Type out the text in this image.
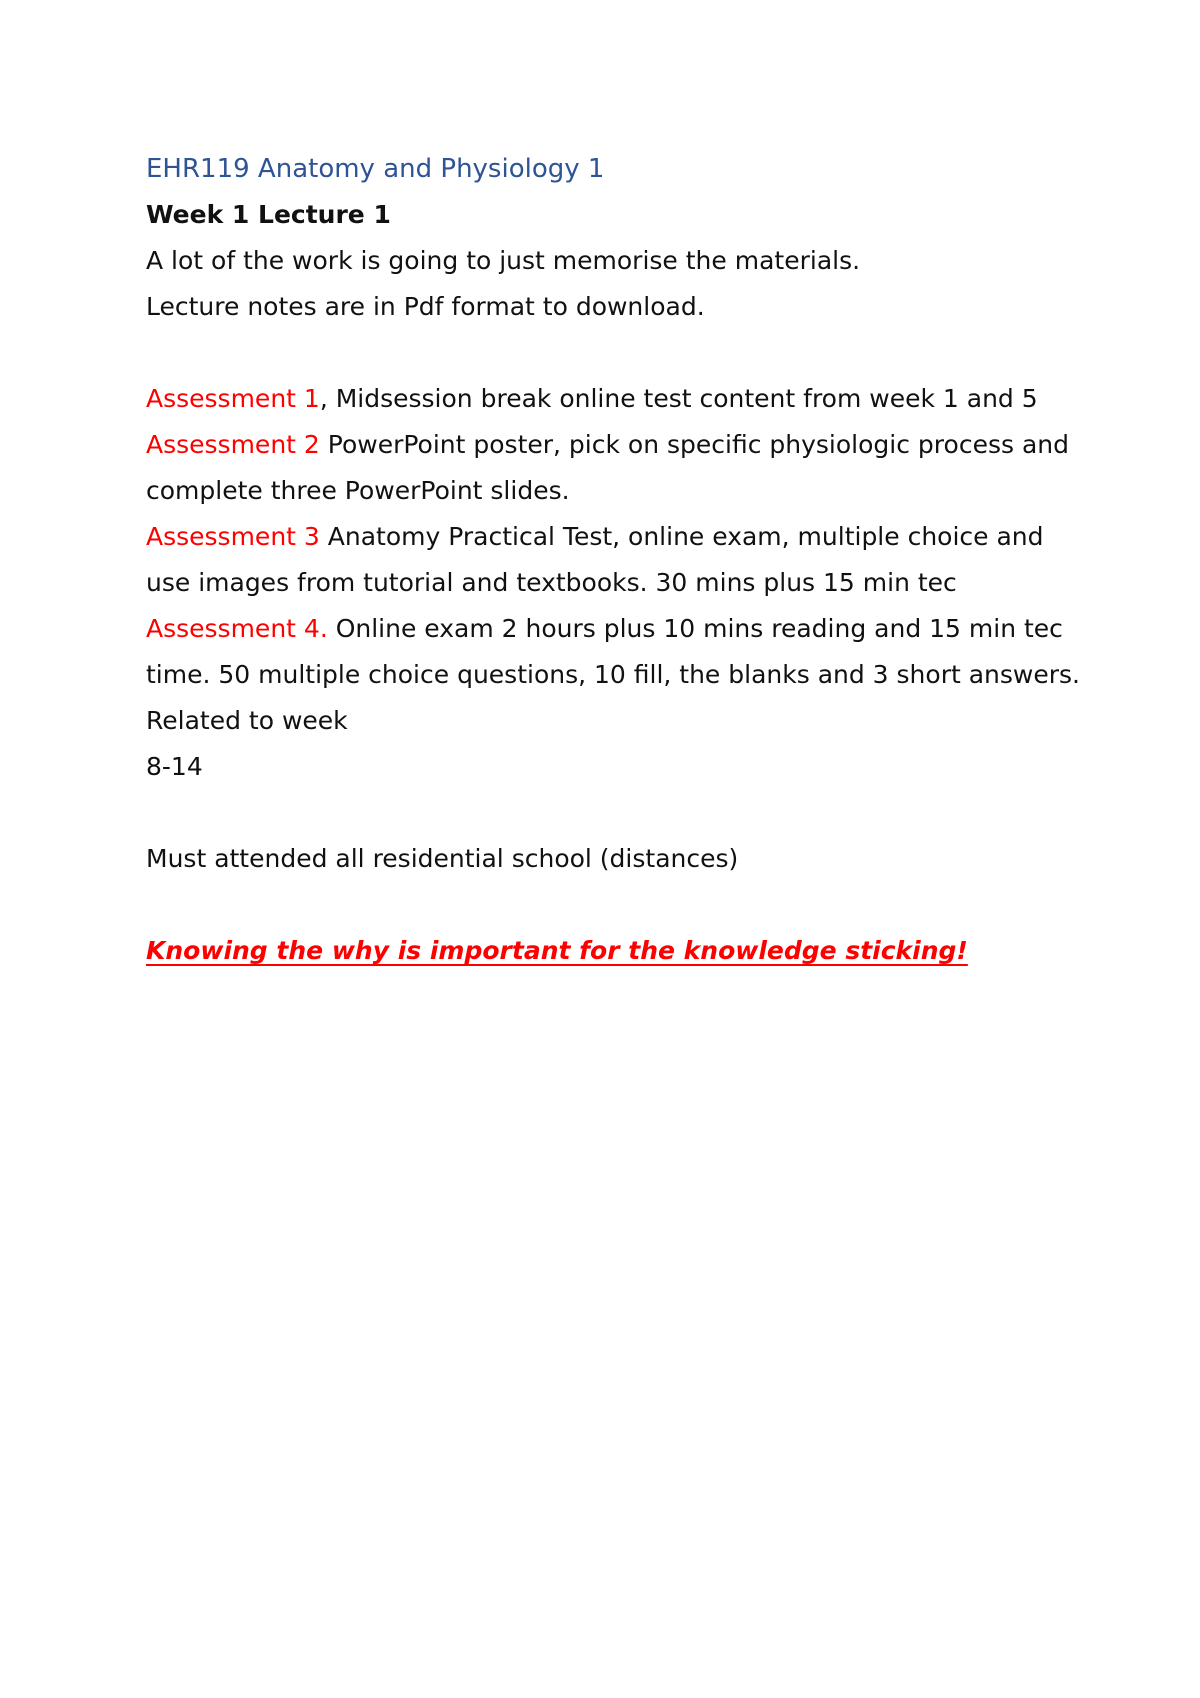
EHR119 Anatomy and Physiology 1
Week 1 Lecture 1

A lot of the work is going to just memorise the materials.

Lecture notes are in Pdf format to download.

Assessment 1, Midsession break online test content from week 1 and 5

Assessment 2 PowerPoint poster, pick on specific physiologic process and complete three PowerPoint slides.

Assessment 3 Anatomy Practical Test, online exam, multiple choice and use images from tutorial and textbooks. 30 mins plus 15 min tec

Assessment 4. Online exam 2 hours plus 10 mins reading and 15 min tec time. 50 multiple choice questions, 10 fill, the blanks and 3 short answers. Related to week

8-14

Must attended all residential school (distances)

Knowing the why is important for the knowledge sticking!
